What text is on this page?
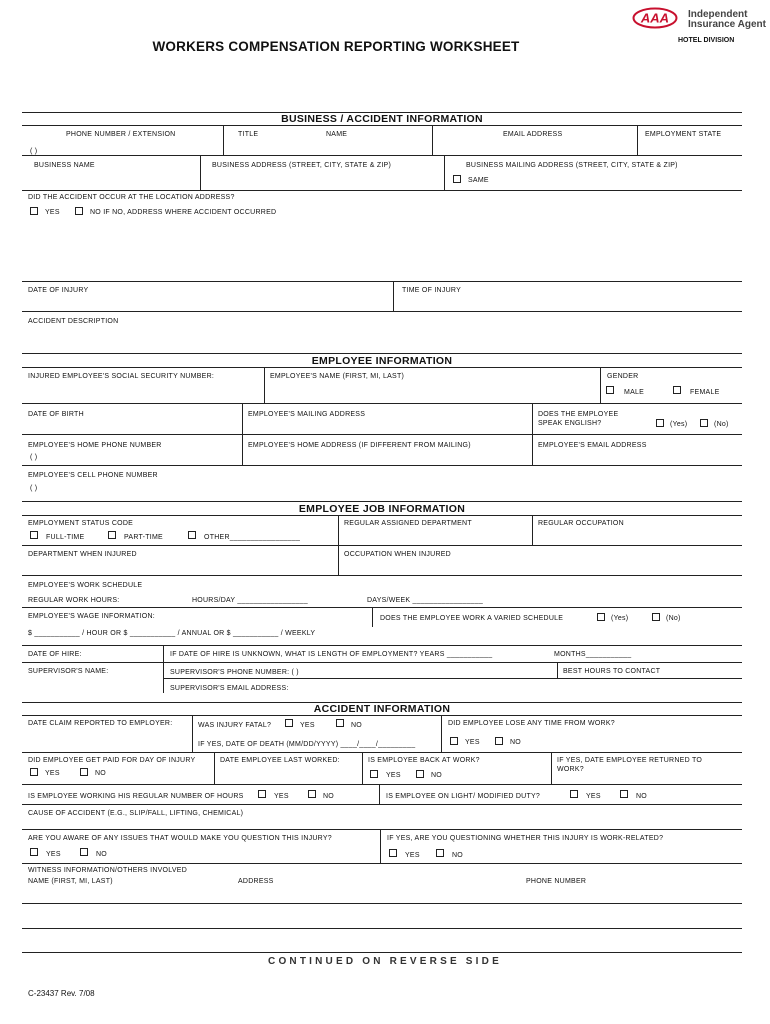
AAA Independent
Insurance Agent
HOTEL DIVISION
WORKERS COMPENSATION REPORTING WORKSHEET
BUSINESS / ACCIDENT INFORMATION
PHONE NUMBER / EXTENSION
( )
TITLE	NAME	EMAIL ADDRESS	EMPLOYMENT STATE
BUSINESS NAME	BUSINESS ADDRESS (STREET, CITY, STATE & ZIP)	BUSINESS MAILING ADDRESS (STREET, CITY, STATE & ZIP)
SAME
DID THE ACCIDENT OCCUR AT THE LOCATION ADDRESS?
YES	NO IF NO, ADDRESS WHERE ACCIDENT OCCURRED
DATE OF INJURY	TIME OF INJURY
ACCIDENT DESCRIPTION
EMPLOYEE INFORMATION
INJURED EMPLOYEE'S SOCIAL SECURITY NUMBER:	EMPLOYEE'S NAME (FIRST, MI, LAST)	GENDER
MALE	FEMALE
DATE OF BIRTH	EMPLOYEE'S MAILING ADDRESS	DOES THE EMPLOYEE
SPEAK ENGLISH?	(Yes)	(No)
EMPLOYEE'S HOME PHONE NUMBER
( )
EMPLOYEE'S HOME ADDRESS (IF DIFFERENT FROM MAILING)	EMPLOYEE'S EMAIL ADDRESS
EMPLOYEE'S CELL PHONE NUMBER
( )
EMPLOYEE JOB INFORMATION
EMPLOYMENT STATUS CODE
FULL-TIME	PART-TIME	OTHER_________________
REGULAR ASSIGNED DEPARTMENT	REGULAR OCCUPATION
DEPARTMENT WHEN INJURED	OCCUPATION WHEN INJURED
EMPLOYEE'S WORK SCHEDULE
REGULAR WORK HOURS:	HOURS/DAY _________________	DAYS/WEEK _________________
EMPLOYEE'S WAGE INFORMATION:	DOES THE EMPLOYEE WORK A VARIED SCHEDULE	(Yes)	(No)
$ ___________ / HOUR OR $ ___________ / ANNUAL OR $ ___________ / WEEKLY
DATE OF HIRE:	IF DATE OF HIRE IS UNKNOWN, WHAT IS LENGTH OF EMPLOYMENT? YEARS ___________	MONTHS___________
SUPERVISOR'S NAME:	SUPERVISOR'S PHONE NUMBER: ( )	BEST HOURS TO CONTACT
SUPERVISOR'S EMAIL ADDRESS:
ACCIDENT INFORMATION
DATE CLAIM REPORTED TO EMPLOYER:	WAS INJURY FATAL?	YES	NO	DID EMPLOYEE LOSE ANY TIME FROM WORK?
IF YES, DATE OF DEATH (MM/DD/YYYY) ____/____/_________	YES	NO
DID EMPLOYEE GET PAID FOR DAY OF INJURY
YES	NO
DATE EMPLOYEE LAST WORKED:	IS EMPLOYEE BACK AT WORK?
YES	NO
IF YES, DATE EMPLOYEE RETURNED TO
WORK?
IS EMPLOYEE WORKING HIS REGULAR NUMBER OF HOURS	YES	NO	IS EMPLOYEE ON LIGHT/ MODIFIED DUTY?	YES	NO
CAUSE OF ACCIDENT (E.G., SLIP/FALL, LIFTING, CHEMICAL)
ARE YOU AWARE OF ANY ISSUES THAT WOULD MAKE YOU QUESTION THIS INJURY?
YES	NO
IF YES, ARE YOU QUESTIONING WHETHER THIS INJURY IS WORK-RELATED?
YES	NO
WITNESS INFORMATION/OTHERS INVOLVED
NAME (FIRST, MI, LAST)	ADDRESS	PHONE NUMBER
CONTINUED ON REVERSE SIDE
C-23437 Rev. 7/08
